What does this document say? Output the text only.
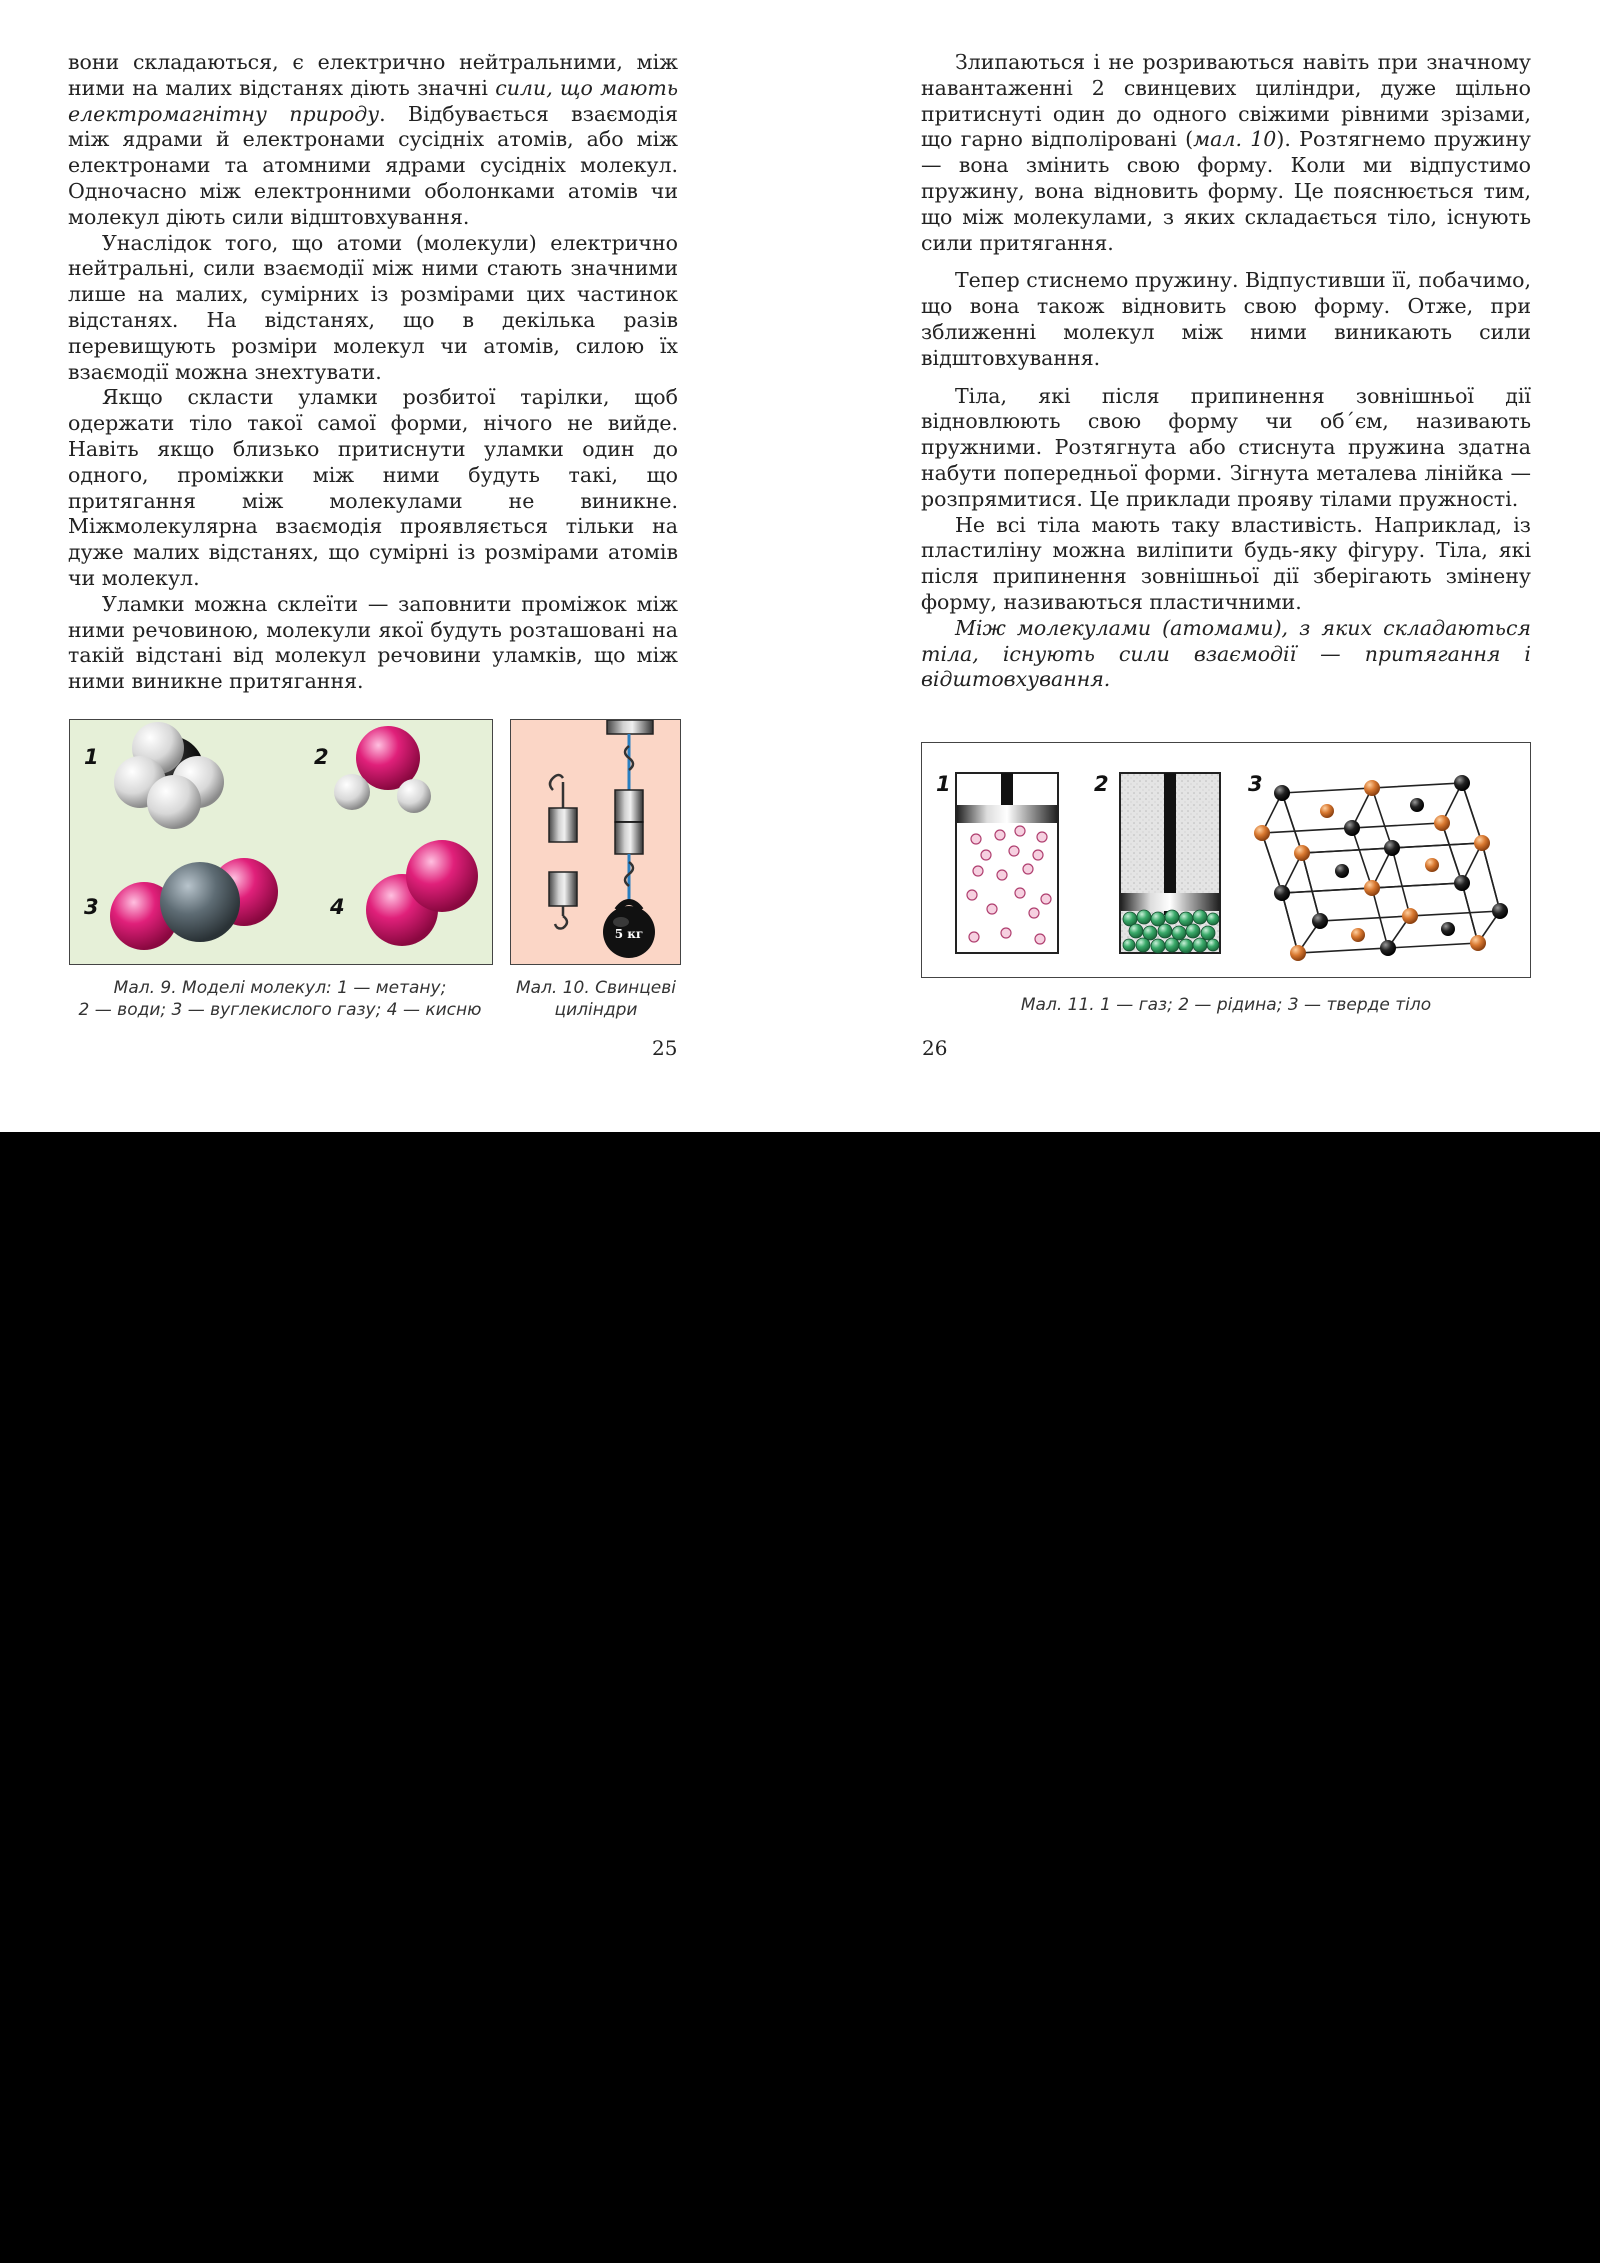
вони складаються, є електрично нейтральними, між ними на малих відстанях діють значні сили, що мають електромагнітну природу. Відбувається взаємодія між ядрами й електронами сусідніх атомів, або між електронами та атомними ядрами сусідніх молекул. Одночасно між електронними оболонками атомів чи молекул діють сили відштовхування.

Унаслідок того, що атоми (молекули) електрично нейтральні, сили взаємодії між ними стають значними лише на малих, сумірних із розмірами цих частинок відстанях. На відстанях, що в декілька разів перевищують розміри молекул чи атомів, силою їх взаємодії можна знехтувати.

Якщо скласти уламки розбитої тарілки, щоб одержати тіло такої самої форми, нічого не вийде. Навіть якщо близько притиснути уламки один до одного, проміжки між ними будуть такі, що притягання між молекулами не виникне. Міжмолекулярна взаємодія проявляється тільки на дуже малих відстанях, що сумірні із розмірами атомів чи молекул.

Уламки можна склеїти — заповнити проміжок між ними речовиною, молекули якої будуть розташовані на такій відстані від молекул речовини уламків, що між ними виникне притягання.

1	2
3	4
Мал. 9. Моделі молекул: 1 — метану;
2 — води; 3 — вуглекислого газу; 4 — кисню
5 кг
Мал. 10. Свинцеві
циліндри
25

Злипаються і не розриваються навіть при значному навантаженні 2 свинцевих циліндри, дуже щільно притиснуті один до одного свіжими рівними зрізами, що гарно відполіровані (мал. 10). Розтягнемо пружину — вона змінить свою форму. Коли ми відпустимо пружину, вона відновить форму. Це пояснюється тим, що між молекулами, з яких складається тіло, існують сили притягання.

Тепер стиснемо пружину. Відпустивши її, побачимо, що вона також відновить свою форму. Отже, при зближенні молекул між ними виникають сили відштовхування.

Тіла, які після припинення зовнішньої дії відновлюють свою форму чи об΄єм, називають пружними. Розтягнута або стиснута пружина здатна набути попередньої форми. Зігнута металева лінійка — розпрямитися. Це приклади прояву тілами пружності.

Не всі тіла мають таку властивість. Наприклад, із пластиліну можна виліпити будь-яку фігуру. Тіла, які після припинення зовнішньої дії зберігають змінену форму, називаються пластичними.

Між молекулами (атомами), з яких складаються тіла, існують сили взаємодії — притягання і відштовхування.

1	2	3
Мал. 11. 1 — газ; 2 — рідина; 3 — тверде тіло
26
